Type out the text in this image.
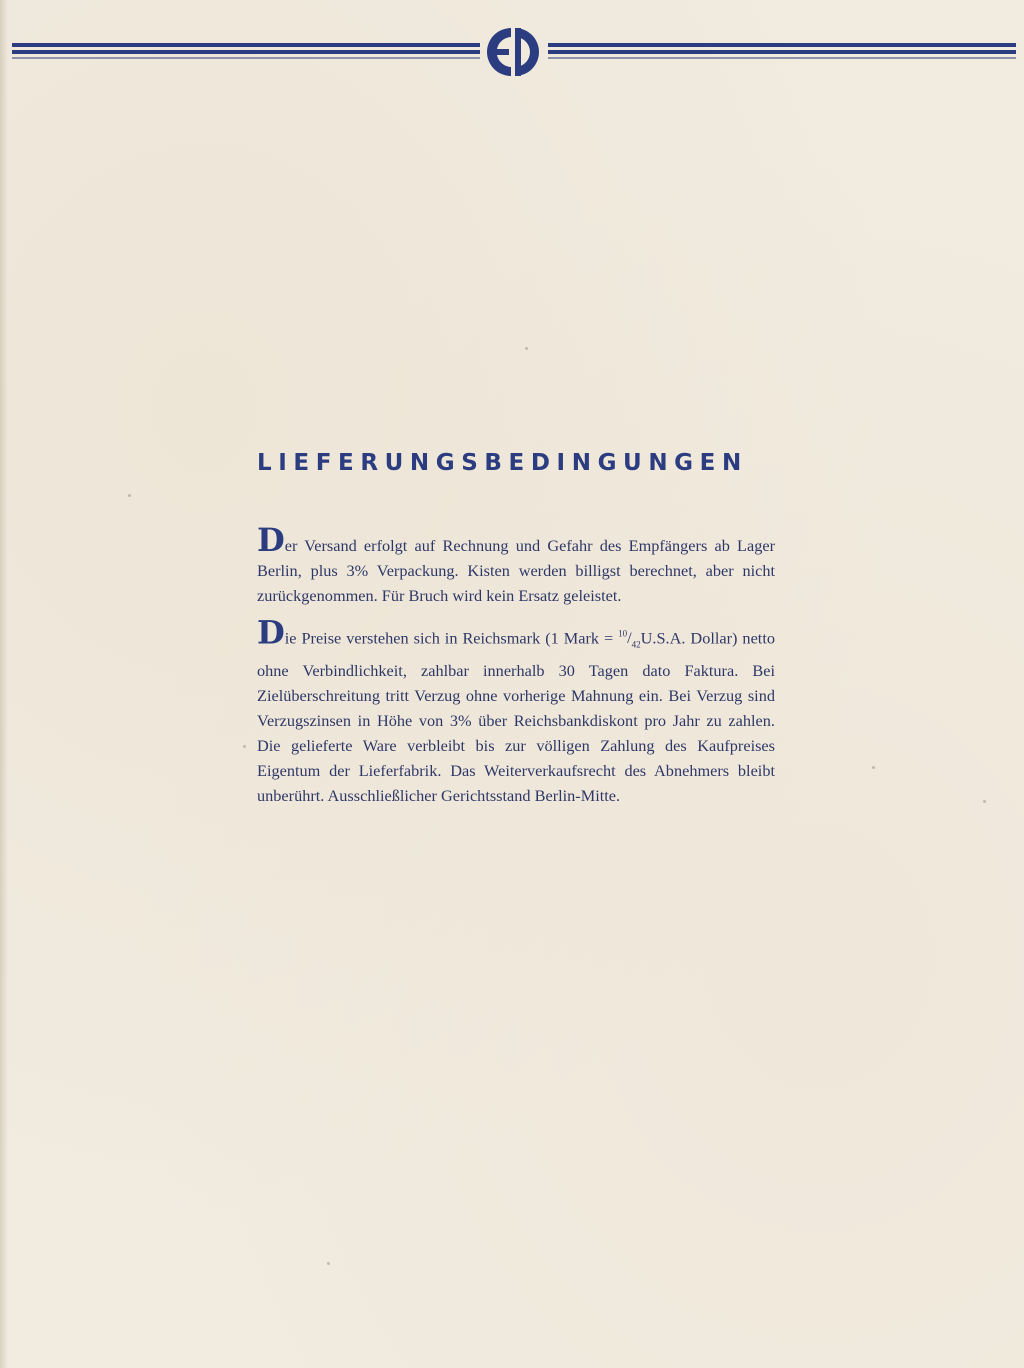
LIEFERUNGSBEDINGUNGEN

Der Versand erfolgt auf Rechnung und Gefahr des Empfängers ab Lager Berlin, plus 3% Verpackung. Kisten werden billigst berechnet, aber nicht zurückgenommen. Für Bruch wird kein Ersatz geleistet.

Die Preise verstehen sich in Reichsmark (1 Mark = $^{10}/_{42}U.S.A$. Dollar) netto ohne Verbindlichkeit, zahlbar innerhalb 30 Tagen dato Faktura. Bei Zielüberschreitung tritt Verzug ohne vorherige Mahnung ein. Bei Verzug sind Verzugszinsen in Höhe von 3% über Reichsbankdiskont pro Jahr zu zahlen. Die gelieferte Ware verbleibt bis zur völligen Zahlung des Kaufpreises Eigentum der Lieferfabrik. Das Weiterverkaufsrecht des Abnehmers bleibt unberührt. Ausschließlicher Gerichtsstand Berlin-Mitte.
